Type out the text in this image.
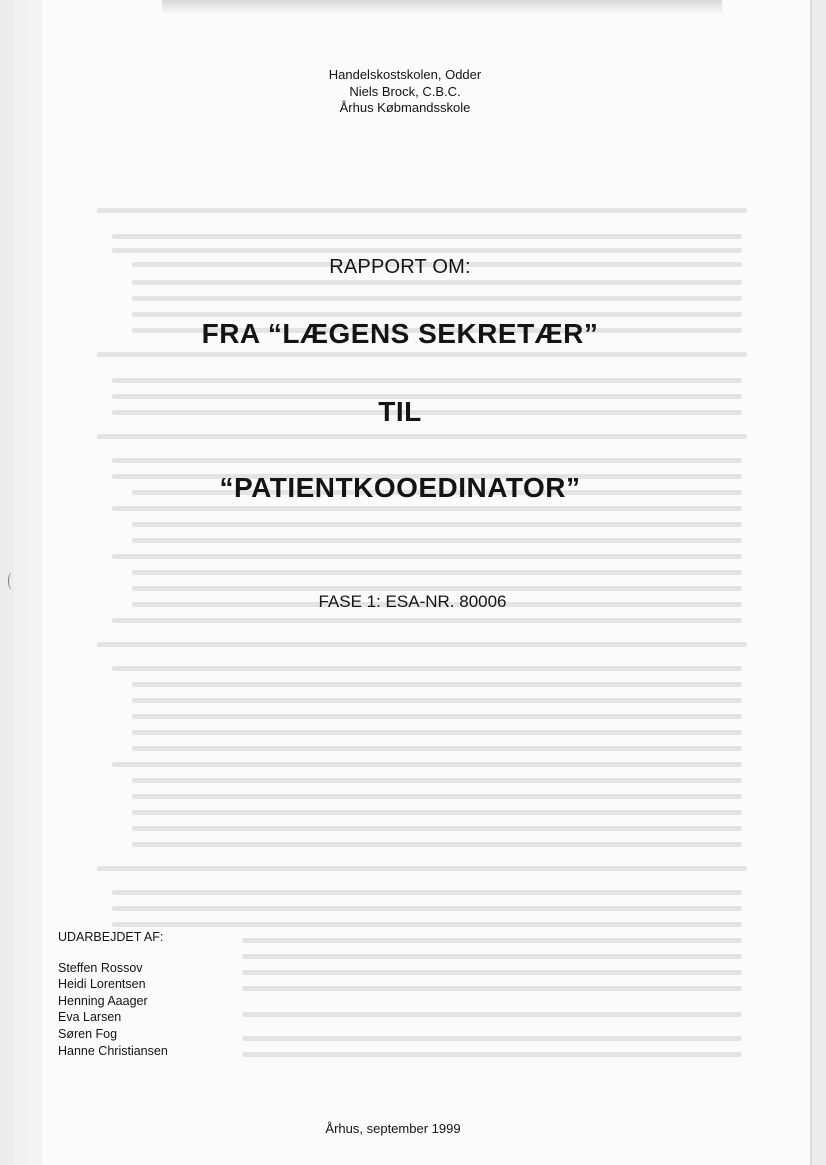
Handelskostskolen, Odder
Niels Brock, C.B.C.
Århus Købmandsskole
RAPPORT OM:
FRA “LÆGENS SEKRETÆR”
TIL
“PATIENTKOOEDINATOR”
FASE 1: ESA-NR. 80006
UDARBEJDET AF:
Steffen Rossov
Heidi Lorentsen
Henning Aaager
Eva Larsen
Søren Fog
Hanne Christiansen
Århus, september 1999
